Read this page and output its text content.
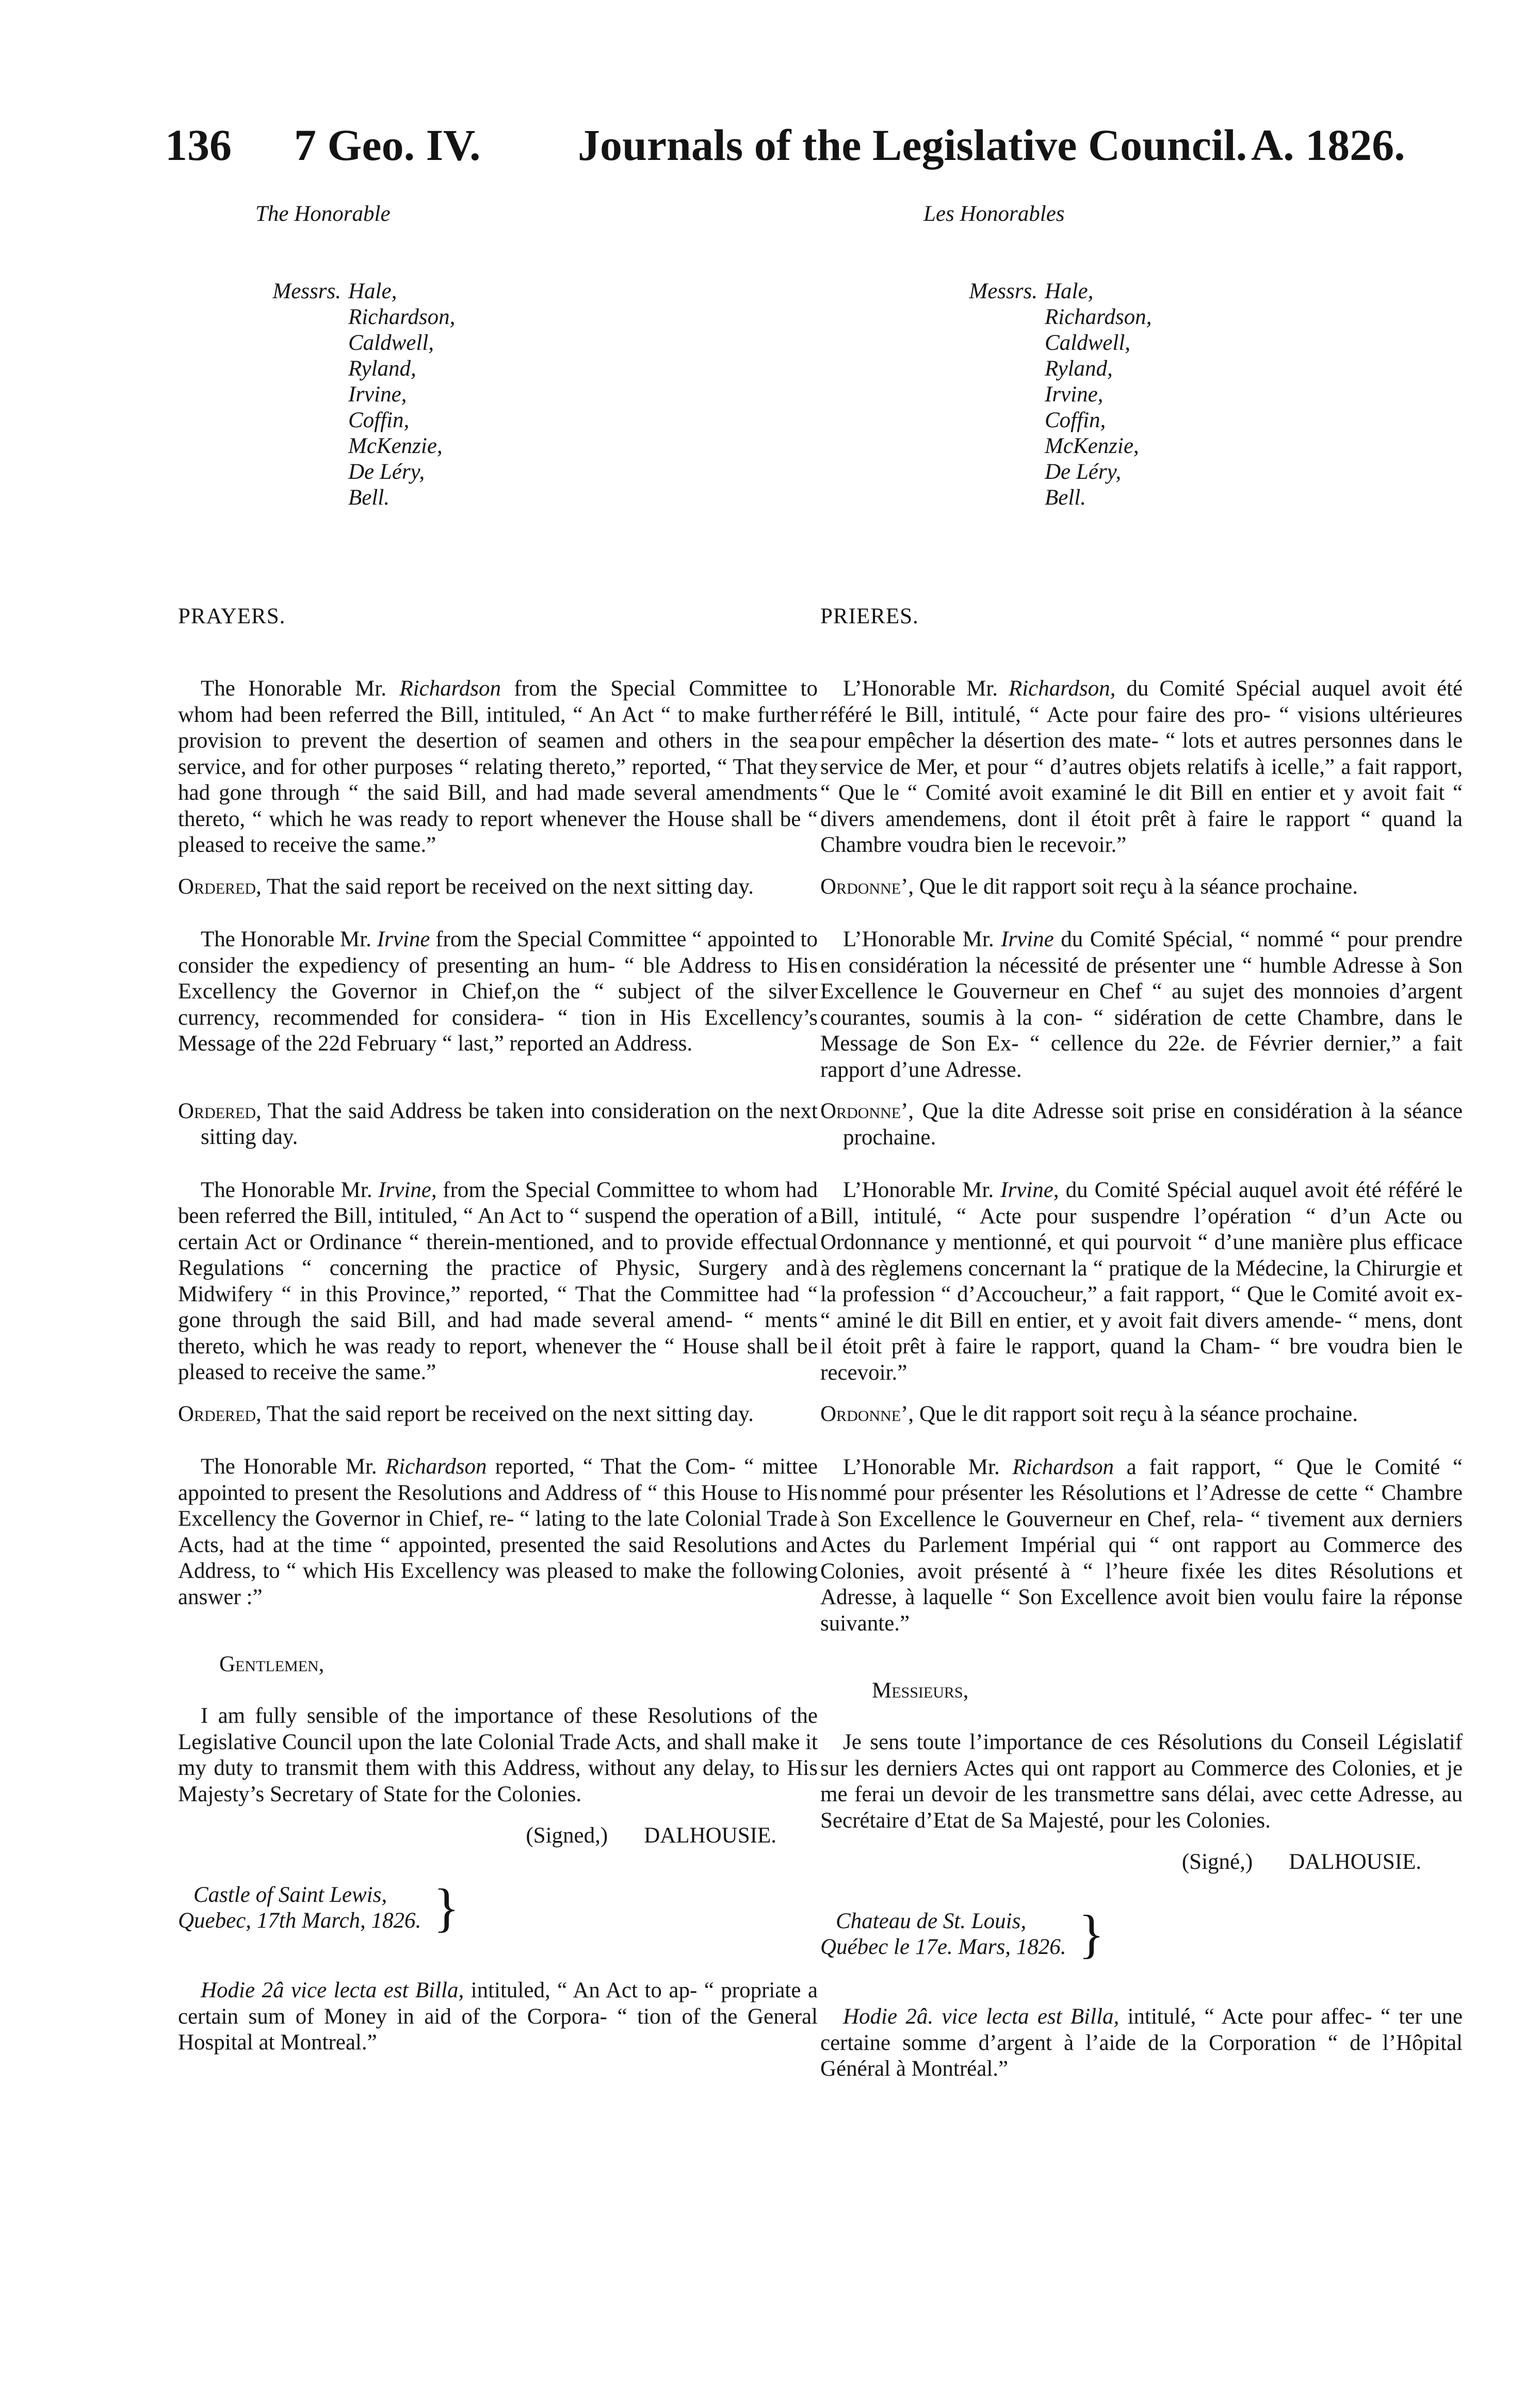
136 7 Geo. IV. Journals of the Legislative Council. A. 1826.
The Honorable
Messrs. Hale,
Richardson,
Caldwell,
Ryland,
Irvine,
Coffin,
McKenzie,
De Léry,
Bell.
PRAYERS.

The Honorable Mr. Richardson from the Special Committee to whom had been referred the Bill, intituled, “ An Act “ to make further provision to prevent the desertion of seamen and others in the sea service, and for other purposes “ relating thereto,” reported, “ That they had gone through “ the said Bill, and had made several amendments thereto, “ which he was ready to report whenever the House shall be “ pleased to receive the same.”

Ordered, That the said report be received on the next sitting day.

The Honorable Mr. Irvine from the Special Committee “ appointed to consider the expediency of presenting an hum- “ ble Address to His Excellency the Governor in Chief,on the “ subject of the silver currency, recommended for considera- “ tion in His Excellency’s Message of the 22d February “ last,” reported an Address.

Ordered, That the said Address be taken into consideration on the next sitting day.

The Honorable Mr. Irvine, from the Special Committee to whom had been referred the Bill, intituled, “ An Act to “ suspend the operation of a certain Act or Ordinance “ therein-mentioned, and to provide effectual Regulations “ concerning the practice of Physic, Surgery and Midwifery “ in this Province,” reported, “ That the Committee had “ gone through the said Bill, and had made several amend- “ ments thereto, which he was ready to report, whenever the “ House shall be pleased to receive the same.”

Ordered, That the said report be received on the next sitting day.

The Honorable Mr. Richardson reported, “ That the Com- “ mittee appointed to present the Resolutions and Address of “ this House to His Excellency the Governor in Chief, re- “ lating to the late Colonial Trade Acts, had at the time “ appointed, presented the said Resolutions and Address, to “ which His Excellency was pleased to make the following answer :”

Gentlemen,

I am fully sensible of the importance of these Resolutions of the Legislative Council upon the late Colonial Trade Acts, and shall make it my duty to transmit them with this Address, without any delay, to His Majesty’s Secretary of State for the Colonies.

(Signed,) DALHOUSIE.
Castle of Saint Lewis,
Quebec, 17th March, 1826. }

Hodie 2â vice lecta est Billa, intituled, “ An Act to ap- “ propriate a certain sum of Money in aid of the Corpora- “ tion of the General Hospital at Montreal.”

Les Honorables
Messrs. Hale,
Richardson,
Caldwell,
Ryland,
Irvine,
Coffin,
McKenzie,
De Léry,
Bell.
PRIERES.

L’Honorable Mr. Richardson, du Comité Spécial auquel avoit été référé le Bill, intitulé, “ Acte pour faire des pro- “ visions ultérieures pour empêcher la désertion des mate- “ lots et autres personnes dans le service de Mer, et pour “ d’autres objets relatifs à icelle,” a fait rapport, “ Que le “ Comité avoit examiné le dit Bill en entier et y avoit fait “ divers amendemens, dont il étoit prêt à faire le rapport “ quand la Chambre voudra bien le recevoir.”

Ordonne’, Que le dit rapport soit reçu à la séance prochaine.

L’Honorable Mr. Irvine du Comité Spécial, “ nommé “ pour prendre en considération la nécessité de présenter une “ humble Adresse à Son Excellence le Gouverneur en Chef “ au sujet des monnoies d’argent courantes, soumis à la con- “ sidération de cette Chambre, dans le Message de Son Ex- “ cellence du 22e. de Février dernier,” a fait rapport d’une Adresse.

Ordonne’, Que la dite Adresse soit prise en considération à la séance prochaine.

L’Honorable Mr. Irvine, du Comité Spécial auquel avoit été référé le Bill, intitulé, “ Acte pour suspendre l’opération “ d’un Acte ou Ordonnance y mentionné, et qui pourvoit “ d’une manière plus efficace à des règlemens concernant la “ pratique de la Médecine, la Chirurgie et la profession “ d’Accoucheur,” a fait rapport, “ Que le Comité avoit ex- “ aminé le dit Bill en entier, et y avoit fait divers amende- “ mens, dont il étoit prêt à faire le rapport, quand la Cham- “ bre voudra bien le recevoir.”

Ordonne’, Que le dit rapport soit reçu à la séance prochaine.

L’Honorable Mr. Richardson a fait rapport, “ Que le Comité “ nommé pour présenter les Résolutions et l’Adresse de cette “ Chambre à Son Excellence le Gouverneur en Chef, rela- “ tivement aux derniers Actes du Parlement Impérial qui “ ont rapport au Commerce des Colonies, avoit présenté à “ l’heure fixée les dites Résolutions et Adresse, à laquelle “ Son Excellence avoit bien voulu faire la réponse suivante.”

Messieurs,

Je sens toute l’importance de ces Résolutions du Conseil Législatif sur les derniers Actes qui ont rapport au Commerce des Colonies, et je me ferai un devoir de les transmettre sans délai, avec cette Adresse, au Secrétaire d’Etat de Sa Majesté, pour les Colonies.

(Signé,) DALHOUSIE.
Chateau de St. Louis,
Québec le 17e. Mars, 1826. }

Hodie 2â. vice lecta est Billa, intitulé, “ Acte pour affec- “ ter une certaine somme d’argent à l’aide de la Corporation “ de l’Hôpital Général à Montréal.”
